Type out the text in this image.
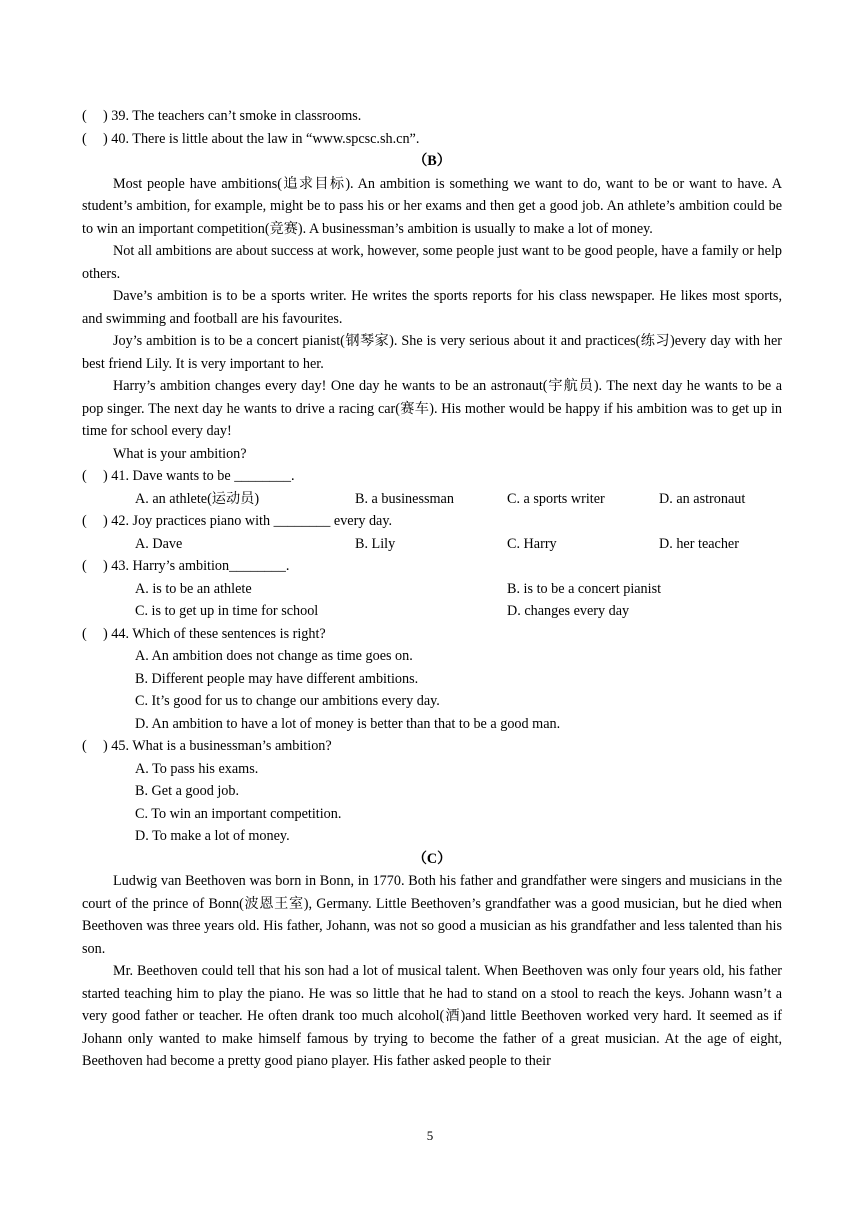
(	) 39. The teachers can’t smoke in classrooms.
(	) 40. There is little about the law in “www.spcsc.sh.cn”.
（B）

Most people have ambitions(追求目标). An ambition is something we want to do, want to be or want to have. A student’s ambition, for example, might be to pass his or her exams and then get a good job. An athlete’s ambition could be to win an important competition(竞赛). A businessman’s ambition is usually to make a lot of money.

Not all ambitions are about success at work, however, some people just want to be good people, have a family or help others.

Dave’s ambition is to be a sports writer. He writes the sports reports for his class newspaper. He likes most sports, and swimming and football are his favourites.

Joy’s ambition is to be a concert pianist(钢琴家). She is very serious about it and practices(练习)every day with her best friend Lily. It is very important to her.

Harry’s ambition changes every day! One day he wants to be an astronaut(宇航员). The next day he wants to be a pop singer. The next day he wants to drive a racing car(赛车). His mother would be happy if his ambition was to get up in time for school every day!

What is your ambition?

(	) 41. Dave wants to be ________.
A. an athlete(运动员)	B. a businessman	C. a sports writer	D. an astronaut
(	) 42. Joy practices piano with ________ every day.
A. Dave	B. Lily	C. Harry	D. her teacher
(	) 43. Harry’s ambition________.
A. is to be an athlete	B. is to be a concert pianist
C. is to get up in time for school	D. changes every day
(	) 44. Which of these sentences is right?
A. An ambition does not change as time goes on.
B. Different people may have different ambitions.
C. It’s good for us to change our ambitions every day.
D. An ambition to have a lot of money is better than that to be a good man.
(	) 45. What is a businessman’s ambition?
A. To pass his exams.
B. Get a good job.
C. To win an important competition.
D. To make a lot of money.
（C）

Ludwig van Beethoven was born in Bonn, in 1770. Both his father and grandfather were singers and musicians in the court of the prince of Bonn(波恩王室), Germany. Little Beethoven’s grandfather was a good musician, but he died when Beethoven was three years old. His father, Johann, was not so good a musician as his grandfather and less talented than his son.

Mr. Beethoven could tell that his son had a lot of musical talent. When Beethoven was only four years old, his father started teaching him to play the piano. He was so little that he had to stand on a stool to reach the keys. Johann wasn’t a very good father or teacher. He often drank too much alcohol(酒)and little Beethoven worked very hard. It seemed as if Johann only wanted to make himself famous by trying to become the father of a great musician. At the age of eight, Beethoven had become a pretty good piano player. His father asked people to their

5
